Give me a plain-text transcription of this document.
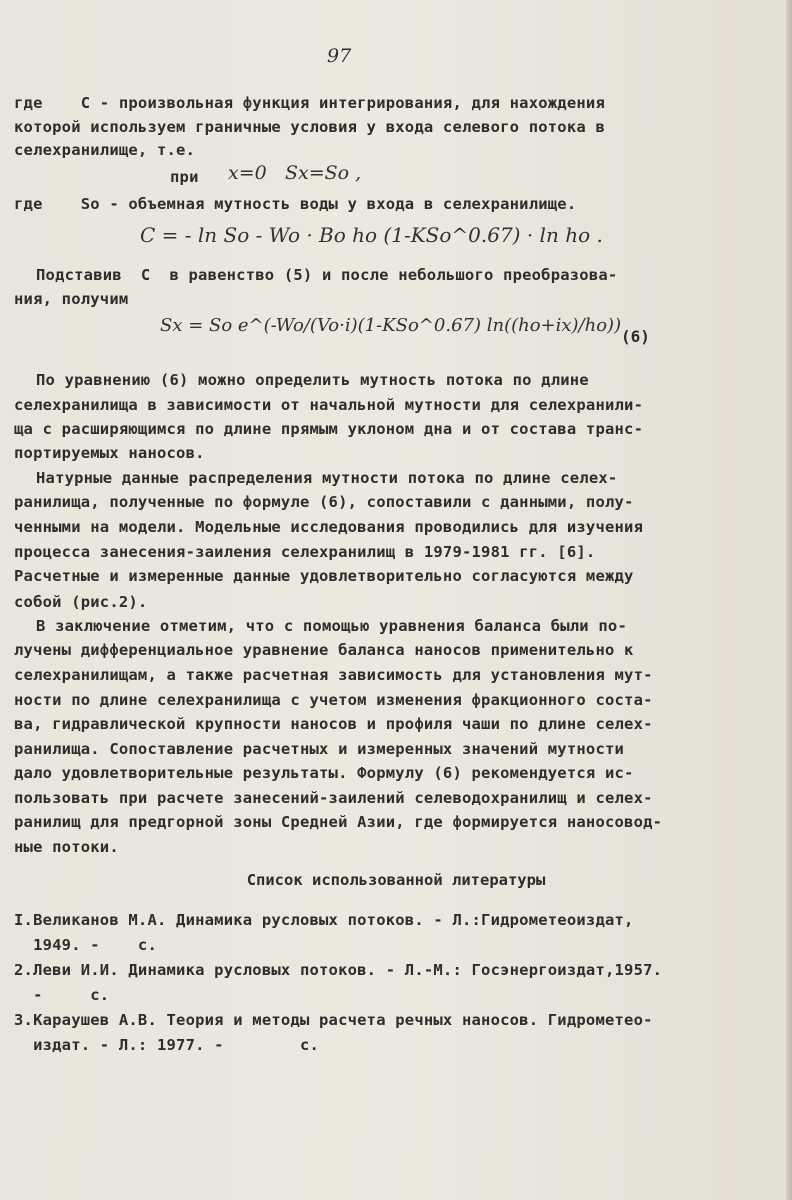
97
где    С - произвольная функция интегрирования, для нахождения
которой используем граничные условия у входа селевого потока в
селехранилище, т.е.
при x=0 Sx=So ,
где    So - объемная мутность воды у входа в селехранилище.
C = - ln So - Wo · Bo ho (1-KSo^0.67) · ln ho .
Подставив  С  в равенство (5) и после небольшого преобразова-
ния, получим
Sx = So e^(-Wo/(Vo·i)(1-KSo^0.67) ln((ho+ix)/ho))
(6)
По уравнению (6) можно определить мутность потока по длине
селехранилища в зависимости от начальной мутности для селехранили-
ща с расширяющимся по длине прямым уклоном дна и от состава транс-
портируемых наносов.
Натурные данные распределения мутности потока по длине селех-
ранилища, полученные по формуле (6), сопоставили с данными, полу-
ченными на модели. Модельные исследования проводились для изучения
процесса занесения-заиления селехранилищ в 1979-1981 гг. [6].
Расчетные и измеренные данные удовлетворительно согласуются между
собой (рис.2).
В заключение отметим, что с помощью уравнения баланса были по-
лучены дифференциальное уравнение баланса наносов применительно к
селехранилищам, а также расчетная зависимость для установления мут-
ности по длине селехранилища с учетом изменения фракционного соста-
ва, гидравлической крупности наносов и профиля чаши по длине селех-
ранилища. Сопоставление расчетных и измеренных значений мутности
дало удовлетворительные результаты. Формулу (6) рекомендуется ис-
пользовать при расчете занесений-заилений селеводохранилищ и селех-
ранилищ для предгорной зоны Средней Азии, где формируется наносовод-
ные потоки.
Список использованной литературы
I.Великанов М.А. Динамика русловых потоков. - Л.:Гидрометеоиздат,
1949. -    с.
2.Леви И.И. Динамика русловых потоков. - Л.-М.: Госэнергоиздат,1957.
-     с.
3.Караушев А.В. Теория и методы расчета речных наносов. Гидрометео-
издат. - Л.: 1977. -        с.
